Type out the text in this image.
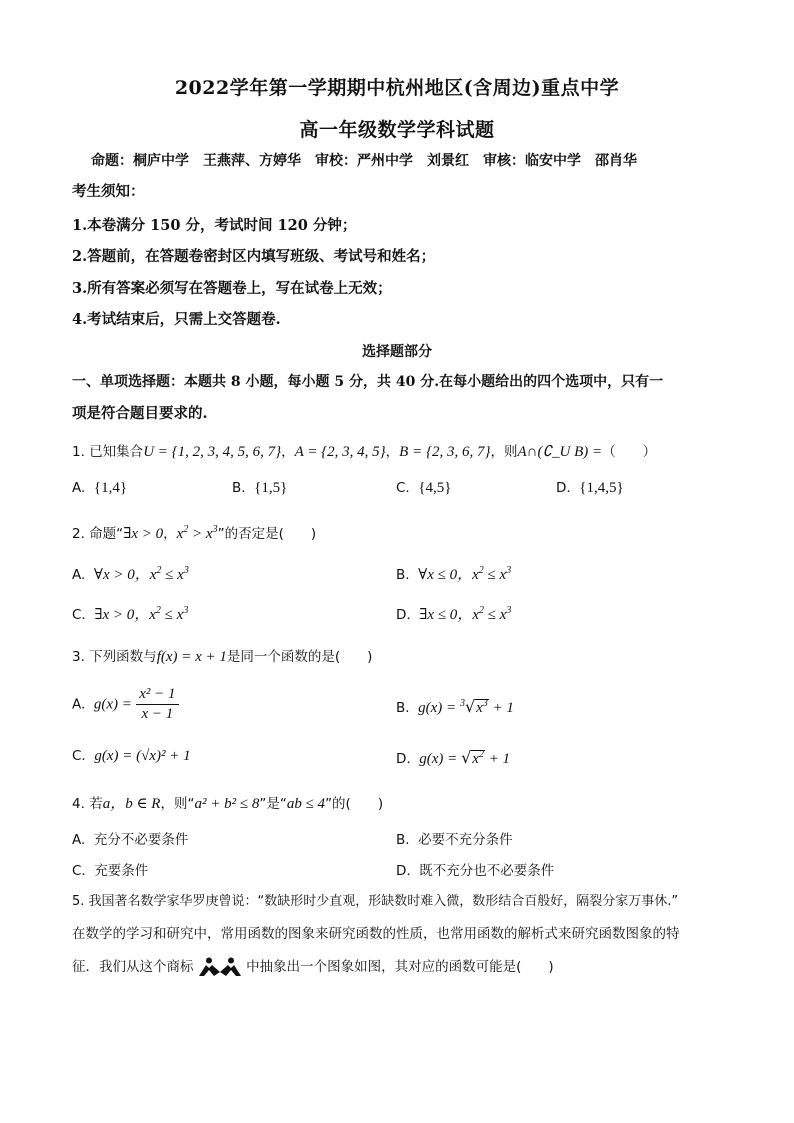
2022学年第一学期期中杭州地区(含周边)重点中学
高一年级数学学科试题
命题：桐庐中学　王燕萍、方婷华　审校：严州中学　刘景红　审核：临安中学　邵肖华
考生须知：
1.本卷满分 150 分，考试时间 120 分钟；
2.答题前，在答题卷密封区内填写班级、考试号和姓名；
3.所有答案必须写在答题卷上，写在试卷上无效；
4.考试结束后，只需上交答题卷.
选择题部分
一、单项选择题：本题共 8 小题，每小题 5 分，共 40 分.在每小题给出的四个选项中，只有一
项是符合题目要求的.
1. 已知集合U = {1, 2, 3, 4, 5, 6, 7}，A = {2, 3, 4, 5}，B = {2, 3, 6, 7}，则A∩(∁_U B) =（　　）
A. {1,4}	B. {1,5}	C. {4,5}	D. {1,4,5}
2. 命题“∃x > 0，$x^2 > x^3$”的否定是(　　)
A. ∀x > 0，$x^2 \le x^3$	B. ∀x ≤ 0，$x^2 \le x^3$
C. ∃x > 0，$x^2 \le x^3$	D. ∃x ≤ 0，$x^2 \le x^3$
3. 下列函数与f(x) = x + 1是同一个函数的是(　　)
A. $g(x) = \frac{\text{x² − 1}}{x - 1}$	B. $g(x) = ^3√x^3 + 1$
C. g(x) = (√x)² + 1	D. $g(x) = √x^2 + 1$
4. 若a，b ∈ R，则“a² + b² ≤ 8”是“ab ≤ 4”的(　　)
A. 充分不必要条件	B. 必要不充分条件
C. 充要条件	D. 既不充分也不必要条件
5. 我国著名数学家华罗庚曾说：“数缺形时少直观，形缺数时难入微，数形结合百般好，隔裂分家万事休.”
在数学的学习和研究中，常用函数的图象来研究函数的性质，也常用函数的解析式来研究函数图象的特
征．我们从这个商标	中抽象出一个图象如图，其对应的函数可能是(　　)
